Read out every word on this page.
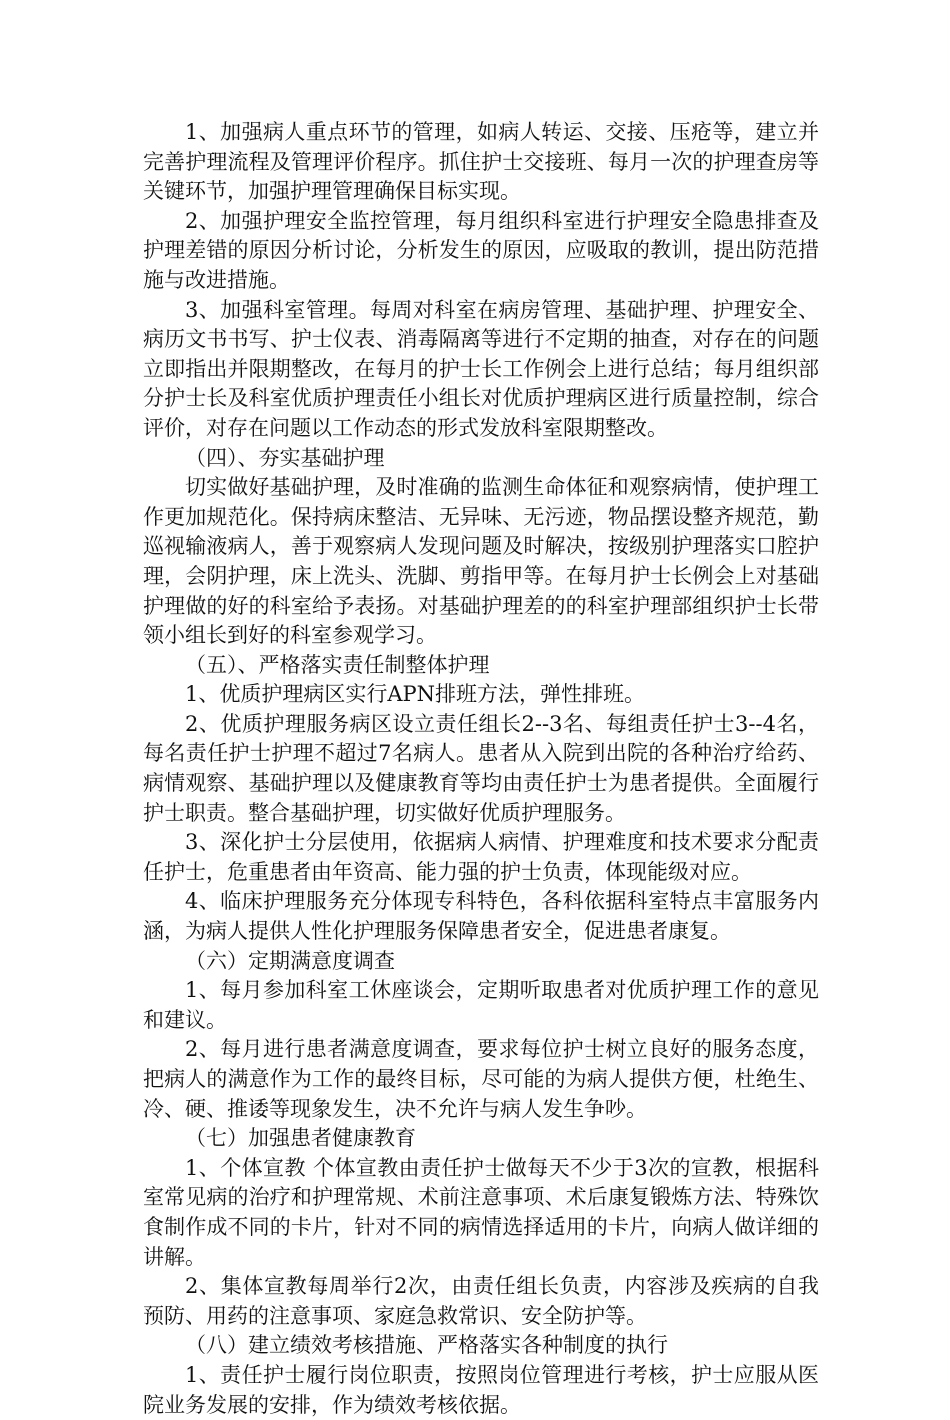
1、加强病人重点环节的管理，如病人转运、交接、压疮等，建立并完善护理流程及管理评价程序。抓住护士交接班、每月一次的护理查房等关键环节，加强护理管理确保目标实现。

2、加强护理安全监控管理，每月组织科室进行护理安全隐患排查及护理差错的原因分析讨论，分析发生的原因，应吸取的教训，提出防范措施与改进措施。

3、加强科室管理。每周对科室在病房管理、基础护理、护理安全、病历文书书写、护士仪表、消毒隔离等进行不定期的抽查，对存在的问题立即指出并限期整改，在每月的护士长工作例会上进行总结；每月组织部分护士长及科室优质护理责任小组长对优质护理病区进行质量控制，综合评价，对存在问题以工作动态的形式发放科室限期整改。

（四）、夯实基础护理

切实做好基础护理，及时准确的监测生命体征和观察病情，使护理工作更加规范化。保持病床整洁、无异味、无污迹，物品摆设整齐规范，勤巡视输液病人，善于观察病人发现问题及时解决，按级别护理落实口腔护理，会阴护理，床上洗头、洗脚、剪指甲等。在每月护士长例会上对基础护理做的好的科室给予表扬。对基础护理差的的科室护理部组织护士长带领小组长到好的科室参观学习。

（五）、严格落实责任制整体护理

1、优质护理病区实行APN排班方法，弹性排班。

2、优质护理服务病区设立责任组长2--3名、每组责任护士3--4名，每名责任护士护理不超过7名病人。患者从入院到出院的各种治疗给药、病情观察、基础护理以及健康教育等均由责任护士为患者提供。全面履行护士职责。整合基础护理，切实做好优质护理服务。

3、深化护士分层使用，依据病人病情、护理难度和技术要求分配责任护士，危重患者由年资高、能力强的护士负责，体现能级对应。

4、临床护理服务充分体现专科特色，各科依据科室特点丰富服务内涵，为病人提供人性化护理服务保障患者安全，促进患者康复。

（六）定期满意度调查

1、每月参加科室工休座谈会，定期听取患者对优质护理工作的意见和建议。

2、每月进行患者满意度调查，要求每位护士树立良好的服务态度，把病人的满意作为工作的最终目标，尽可能的为病人提供方便，杜绝生、冷、硬、推诿等现象发生，决不允许与病人发生争吵。

（七）加强患者健康教育

1、个体宣教 个体宣教由责任护士做每天不少于3次的宣教，根据科室常见病的治疗和护理常规、术前注意事项、术后康复锻炼方法、特殊饮食制作成不同的卡片，针对不同的病情选择适用的卡片，向病人做详细的讲解。

2、集体宣教每周举行2次，由责任组长负责，内容涉及疾病的自我预防、用药的注意事项、家庭急救常识、安全防护等。

（八）建立绩效考核措施、严格落实各种制度的执行

1、责任护士履行岗位职责，按照岗位管理进行考核，护士应服从医院业务发展的安排，作为绩效考核依据。
